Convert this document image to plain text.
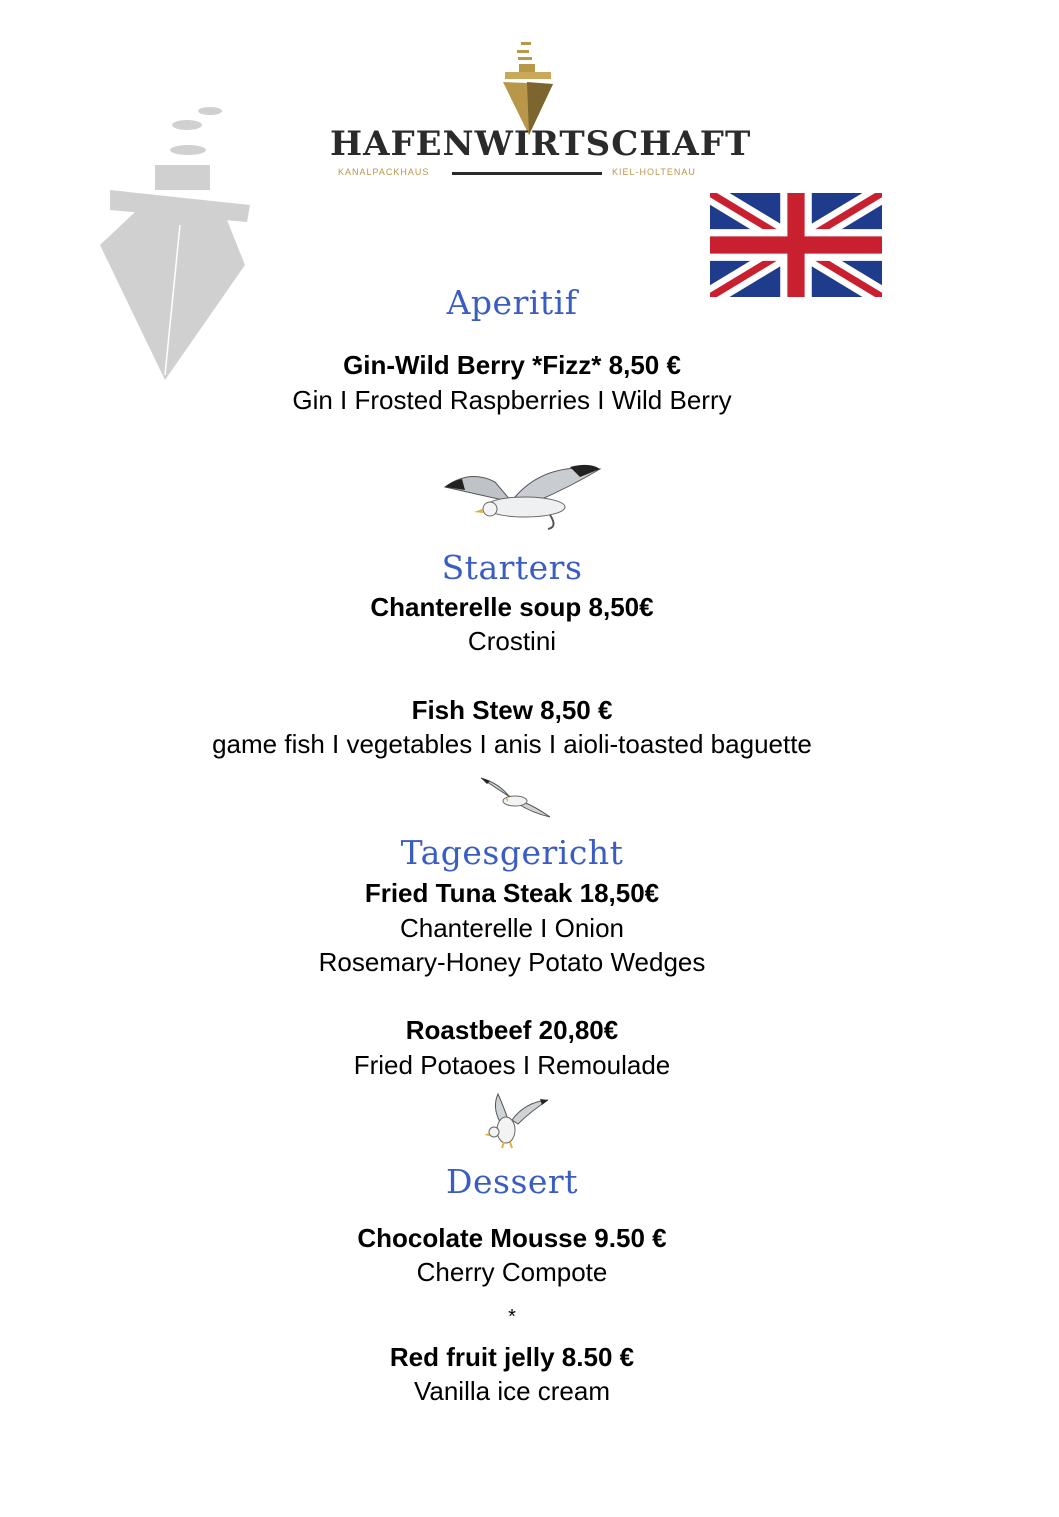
HAFENWIRTSCHAFT
KANALPACKHAUS	KIEL-HOLTENAU
Aperitif
Gin-Wild Berry *Fizz* 8,50 €
Gin I Frosted Raspberries I Wild Berry
Starters
Chanterelle soup 8,50€
Crostini
Fish Stew 8,50 €
game fish I vegetables I anis I aioli-toasted baguette
Tagesgericht
Fried Tuna Steak 18,50€
Chanterelle I Onion
Rosemary-Honey Potato Wedges
Roastbeef 20,80€
Fried Potaoes I Remoulade
Dessert
Chocolate Mousse 9.50 €
Cherry Compote
*
Red fruit jelly 8.50 €
Vanilla ice cream
